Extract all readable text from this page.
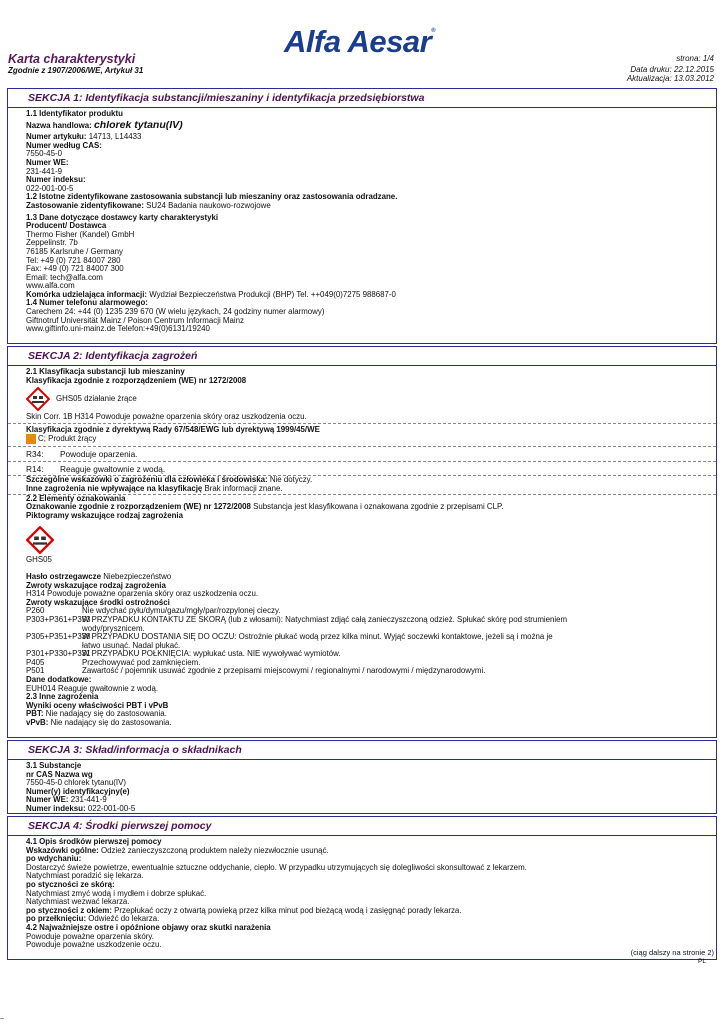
Alfa Aesar®
Karta charakterystyki
Zgodnie z 1907/2006/WE, Artykuł 31
strona: 1/4
Data druku: 22.12.2015
Aktualizacja: 13.03.2012
SEKCJA 1: Identyfikacja substancji/mieszaniny i identyfikacja przedsiębiorstwa
1.1 Identyfikator produktu
Nazwa handlowa: chlorek tytanu(IV)
Numer artykułu: 14713, L14433
Numer według CAS:
7550-45-0
Numer WE:
231-441-9
Numer indeksu:
022-001-00-5
1.2 Istotne zidentyfikowane zastosowania substancji lub mieszaniny oraz zastosowania odradzane.
Zastosowanie zidentyfikowane: SU24 Badania naukowo-rozwojowe
1.3 Dane dotyczące dostawcy karty charakterystyki
Producent/ Dostawca
Thermo Fisher (Kandel) GmbH
Zeppelinstr. 7b
76185 Karlsruhe / Germany
Tel: +49 (0) 721 84007 280
Fax: +49 (0) 721 84007 300
Email: tech@alfa.com
www.alfa.com
Komórka udzielająca informacji: Wydział Bezpieczeństwa Produkcji (BHP) Tel. ++049(0)7275 988687-0
1.4 Numer telefonu alarmowego:
Carechem 24: +44 (0) 1235 239 670 (W wielu językach, 24 godziny numer alarmowy)
Giftnotruf Universität Mainz / Poison Centrum Informacji Mainz
www.giftinfo.uni-mainz.de Telefon:+49(0)6131/19240
SEKCJA 2: Identyfikacja zagrożeń
2.1 Klasyfikacja substancji lub mieszaniny
Klasyfikacja zgodnie z rozporządzeniem (WE) nr 1272/2008
GHS05 działanie żrące
Skin Corr. 1B H314 Powoduje poważne oparzenia skóry oraz uszkodzenia oczu.
Klasyfikacja zgodnie z dyrektywą Rady 67/548/EWG lub dyrektywą 1999/45/WE
C; Produkt żrący
R34:	Powoduje oparzenia.
R14:	Reaguje gwałtownie z wodą.
Szczególne wskazówki o zagrożeniu dla człowieka i środowiska: Nie dotyczy.
Inne zagrożenia nie wpływające na klasyfikację Brak informacji znane.
2.2 Elementy oznakowania
Oznakowanie zgodnie z rozporządzeniem (WE) nr 1272/2008 Substancja jest klasyfikowana i oznakowana zgodnie z przepisami CLP.
Piktogramy wskazujące rodzaj zagrożenia
GHS05
Hasło ostrzegawcze Niebezpieczeństwo
Zwroty wskazujące rodzaj zagrożenia
H314 Powoduje poważne oparzenia skóry oraz uszkodzenia oczu.
Zwroty wskazujące środki ostrożności
P260	Nie wdychać pyłu/dymu/gazu/mgły/par/rozpylonej cieczy.
P303+P361+P353
W PRZYPADKU KONTAKTU ZE SKÓRĄ (lub z włosami): Natychmiast zdjąć całą zanieczyszczoną odzież. Spłukać skórę pod strumieniem
wody/prysznicem.
P305+P351+P338
W PRZYPADKU DOSTANIA SIĘ DO OCZU: Ostrożnie płukać wodą przez kilka minut. Wyjąć soczewki kontaktowe, jeżeli są i można je
łatwo usunąć. Nadal płukać.
P301+P330+P331
W PRZYPADKU POŁKNIĘCIA: wypłukać usta. NIE wywoływać wymiotów.
P405	Przechowywać pod zamknięciem.
P501	Zawartość / pojemnik usuwać zgodnie z przepisami miejscowymi / regionalnymi / narodowymi / międzynarodowymi.
Dane dodatkowe:
EUH014 Reaguje gwałtownie z wodą.
2.3 Inne zagrożenia
Wyniki oceny właściwości PBT i vPvB
PBT: Nie nadający się do zastosowania.
vPvB: Nie nadający się do zastosowania.
SEKCJA 3: Skład/informacja o składnikach
3.1 Substancje
nr CAS Nazwa wg
7550-45-0 chlorek tytanu(IV)
Numer(y) identyfikacyjny(e)
Numer WE: 231-441-9
Numer indeksu: 022-001-00-5
SEKCJA 4: Środki pierwszej pomocy
4.1 Opis środków pierwszej pomocy
Wskazówki ogólne: Odzież zanieczyszczoną produktem należy niezwłocznie usunąć.
po wdychaniu:
Dostarczyć świeże powietrze, ewentualnie sztuczne oddychanie, ciepło. W przypadku utrzymujących się dolegliwości skonsultować z lekarzem.
Natychmiast poradzić się lekarza.
po styczności ze skórą:
Natychmiast zmyć wodą i mydłem i dobrze spłukać.
Natychmiast wezwać lekarza.
po styczności z okiem: Przepłukać oczy z otwartą powieką przez kilka minut pod bieżącą wodą i zasięgnąć porady lekarza.
po przełknięciu: Odwieźć do lekarza.
4.2 Najważniejsze ostre i opóźnione objawy oraz skutki narażenia
Powoduje poważne oparzenia skóry.
Powoduje poważne uszkodzenie oczu.
(ciąg dalszy na stronie 2)
PL
